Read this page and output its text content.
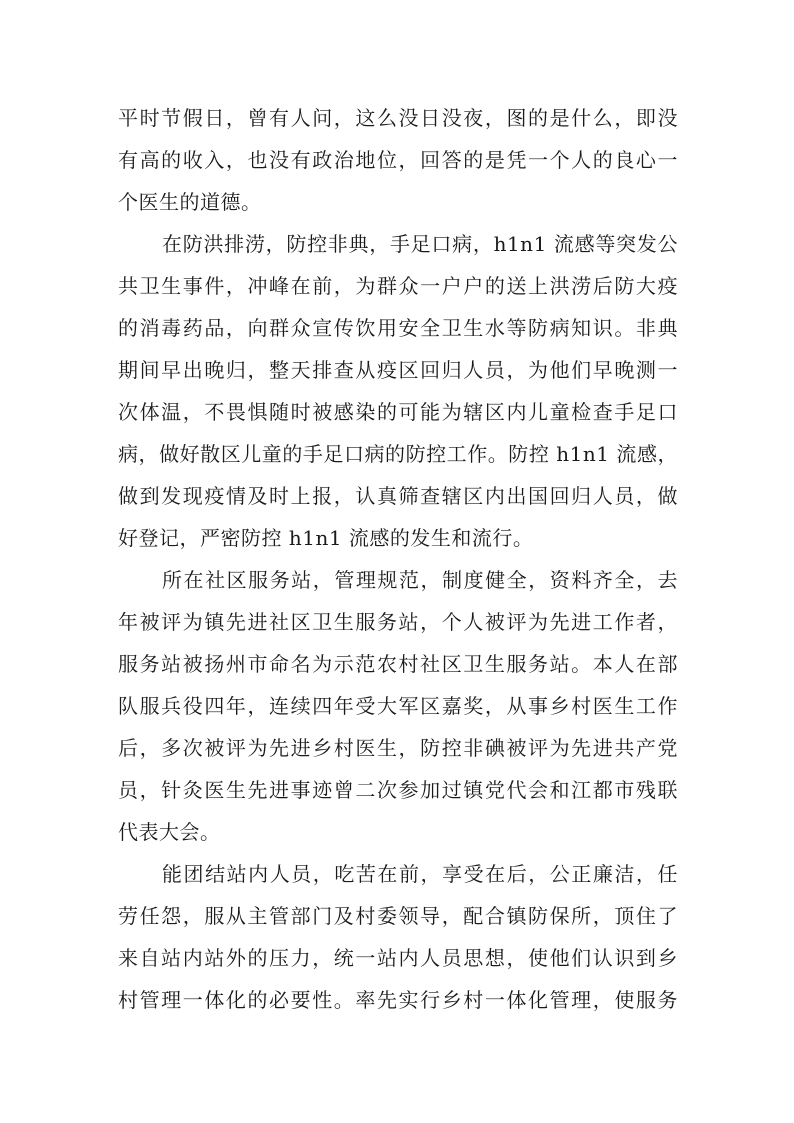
平时节假日，曾有人问，这么没日没夜，图的是什么，即没
有高的收入，也没有政治地位，回答的是凭一个人的良心一
个医生的道德。
在防洪排涝，防控非典，手足口病，h1n1 流感等突发公
共卫生事件，冲峰在前，为群众一户户的送上洪涝后防大疫
的消毒药品，向群众宣传饮用安全卫生水等防病知识。非典
期间早出晚归，整天排查从疫区回归人员，为他们早晚测一
次体温，不畏惧随时被感染的可能为辖区内儿童检查手足口
病，做好散区儿童的手足口病的防控工作。防控 h1n1 流感，
做到发现疫情及时上报，认真筛查辖区内出国回归人员，做
好登记，严密防控 h1n1 流感的发生和流行。
所在社区服务站，管理规范，制度健全，资料齐全，去
年被评为镇先进社区卫生服务站，个人被评为先进工作者，
服务站被扬州市命名为示范农村社区卫生服务站。本人在部
队服兵役四年，连续四年受大军区嘉奖，从事乡村医生工作
后，多次被评为先进乡村医生，防控非碘被评为先进共产党
员，针灸医生先进事迹曾二次参加过镇党代会和江都市残联
代表大会。
能团结站内人员，吃苦在前，享受在后，公正廉洁，任
劳任怨，服从主管部门及村委领导，配合镇防保所，顶住了
来自站内站外的压力，统一站内人员思想，使他们认识到乡
村管理一体化的必要性。率先实行乡村一体化管理，使服务
